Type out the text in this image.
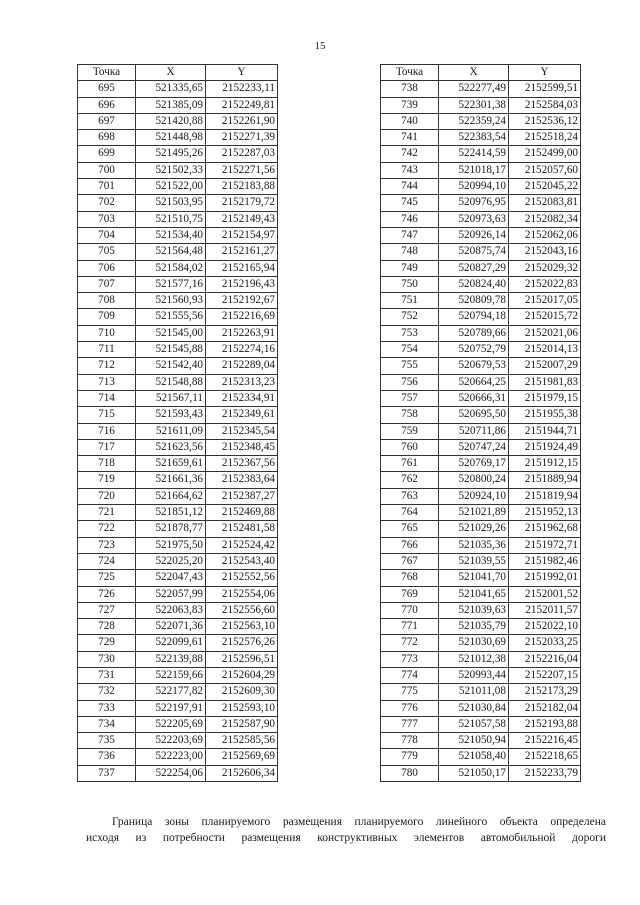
15
Точка	X	Y
695	521335,65	2152233,11
696	521385,09	2152249,81
697	521420,88	2152261,90
698	521448,98	2152271,39
699	521495,26	2152287,03
700	521502,33	2152271,56
701	521522,00	2152183,88
702	521503,95	2152179,72
703	521510,75	2152149,43
704	521534,40	2152154,97
705	521564,48	2152161,27
706	521584,02	2152165,94
707	521577,16	2152196,43
708	521560,93	2152192,67
709	521555,56	2152216,69
710	521545,00	2152263,91
711	521545,88	2152274,16
712	521542,40	2152289,04
713	521548,88	2152313,23
714	521567,11	2152334,91
715	521593,43	2152349,61
716	521611,09	2152345,54
717	521623,56	2152348,45
718	521659,61	2152367,56
719	521661,36	2152383,64
720	521664,62	2152387,27
721	521851,12	2152469,88
722	521878,77	2152481,58
723	521975,50	2152524,42
724	522025,20	2152543,40
725	522047,43	2152552,56
726	522057,99	2152554,06
727	522063,83	2152556,60
728	522071,36	2152563,10
729	522099,61	2152576,26
730	522139,88	2152596,51
731	522159,66	2152604,29
732	522177,82	2152609,30
733	522197,91	2152593,10
734	522205,69	2152587,90
735	522203,69	2152585,56
736	522223,00	2152569,69
737	522254,06	2152606,34
Точка	X	Y
738	522277,49	2152599,51
739	522301,38	2152584,03
740	522359,24	2152536,12
741	522383,54	2152518,24
742	522414,59	2152499,00
743	521018,17	2152057,60
744	520994,10	2152045,22
745	520976,95	2152083,81
746	520973,63	2152082,34
747	520926,14	2152062,06
748	520875,74	2152043,16
749	520827,29	2152029,32
750	520824,40	2152022,83
751	520809,78	2152017,05
752	520794,18	2152015,72
753	520789,66	2152021,06
754	520752,79	2152014,13
755	520679,53	2152007,29
756	520664,25	2151981,83
757	520666,31	2151979,15
758	520695,50	2151955,38
759	520711,86	2151944,71
760	520747,24	2151924,49
761	520769,17	2151912,15
762	520800,24	2151889,94
763	520924,10	2151819,94
764	521021,89	2151952,13
765	521029,26	2151962,68
766	521035,36	2151972,71
767	521039,55	2151982,46
768	521041,70	2151992,01
769	521041,65	2152001,52
770	521039,63	2152011,57
771	521035,79	2152022,10
772	521030,69	2152033,25
773	521012,38	2152216,04
774	520993,44	2152207,15
775	521011,08	2152173,29
776	521030,84	2152182,04
777	521057,58	2152193,88
778	521050,94	2152216,45
779	521058,40	2152218,65
780	521050,17	2152233,79
Граница зоны планируемого размещения планируемого линейного объекта определена
исходя из потребности размещения конструктивных элементов автомобильной дороги
